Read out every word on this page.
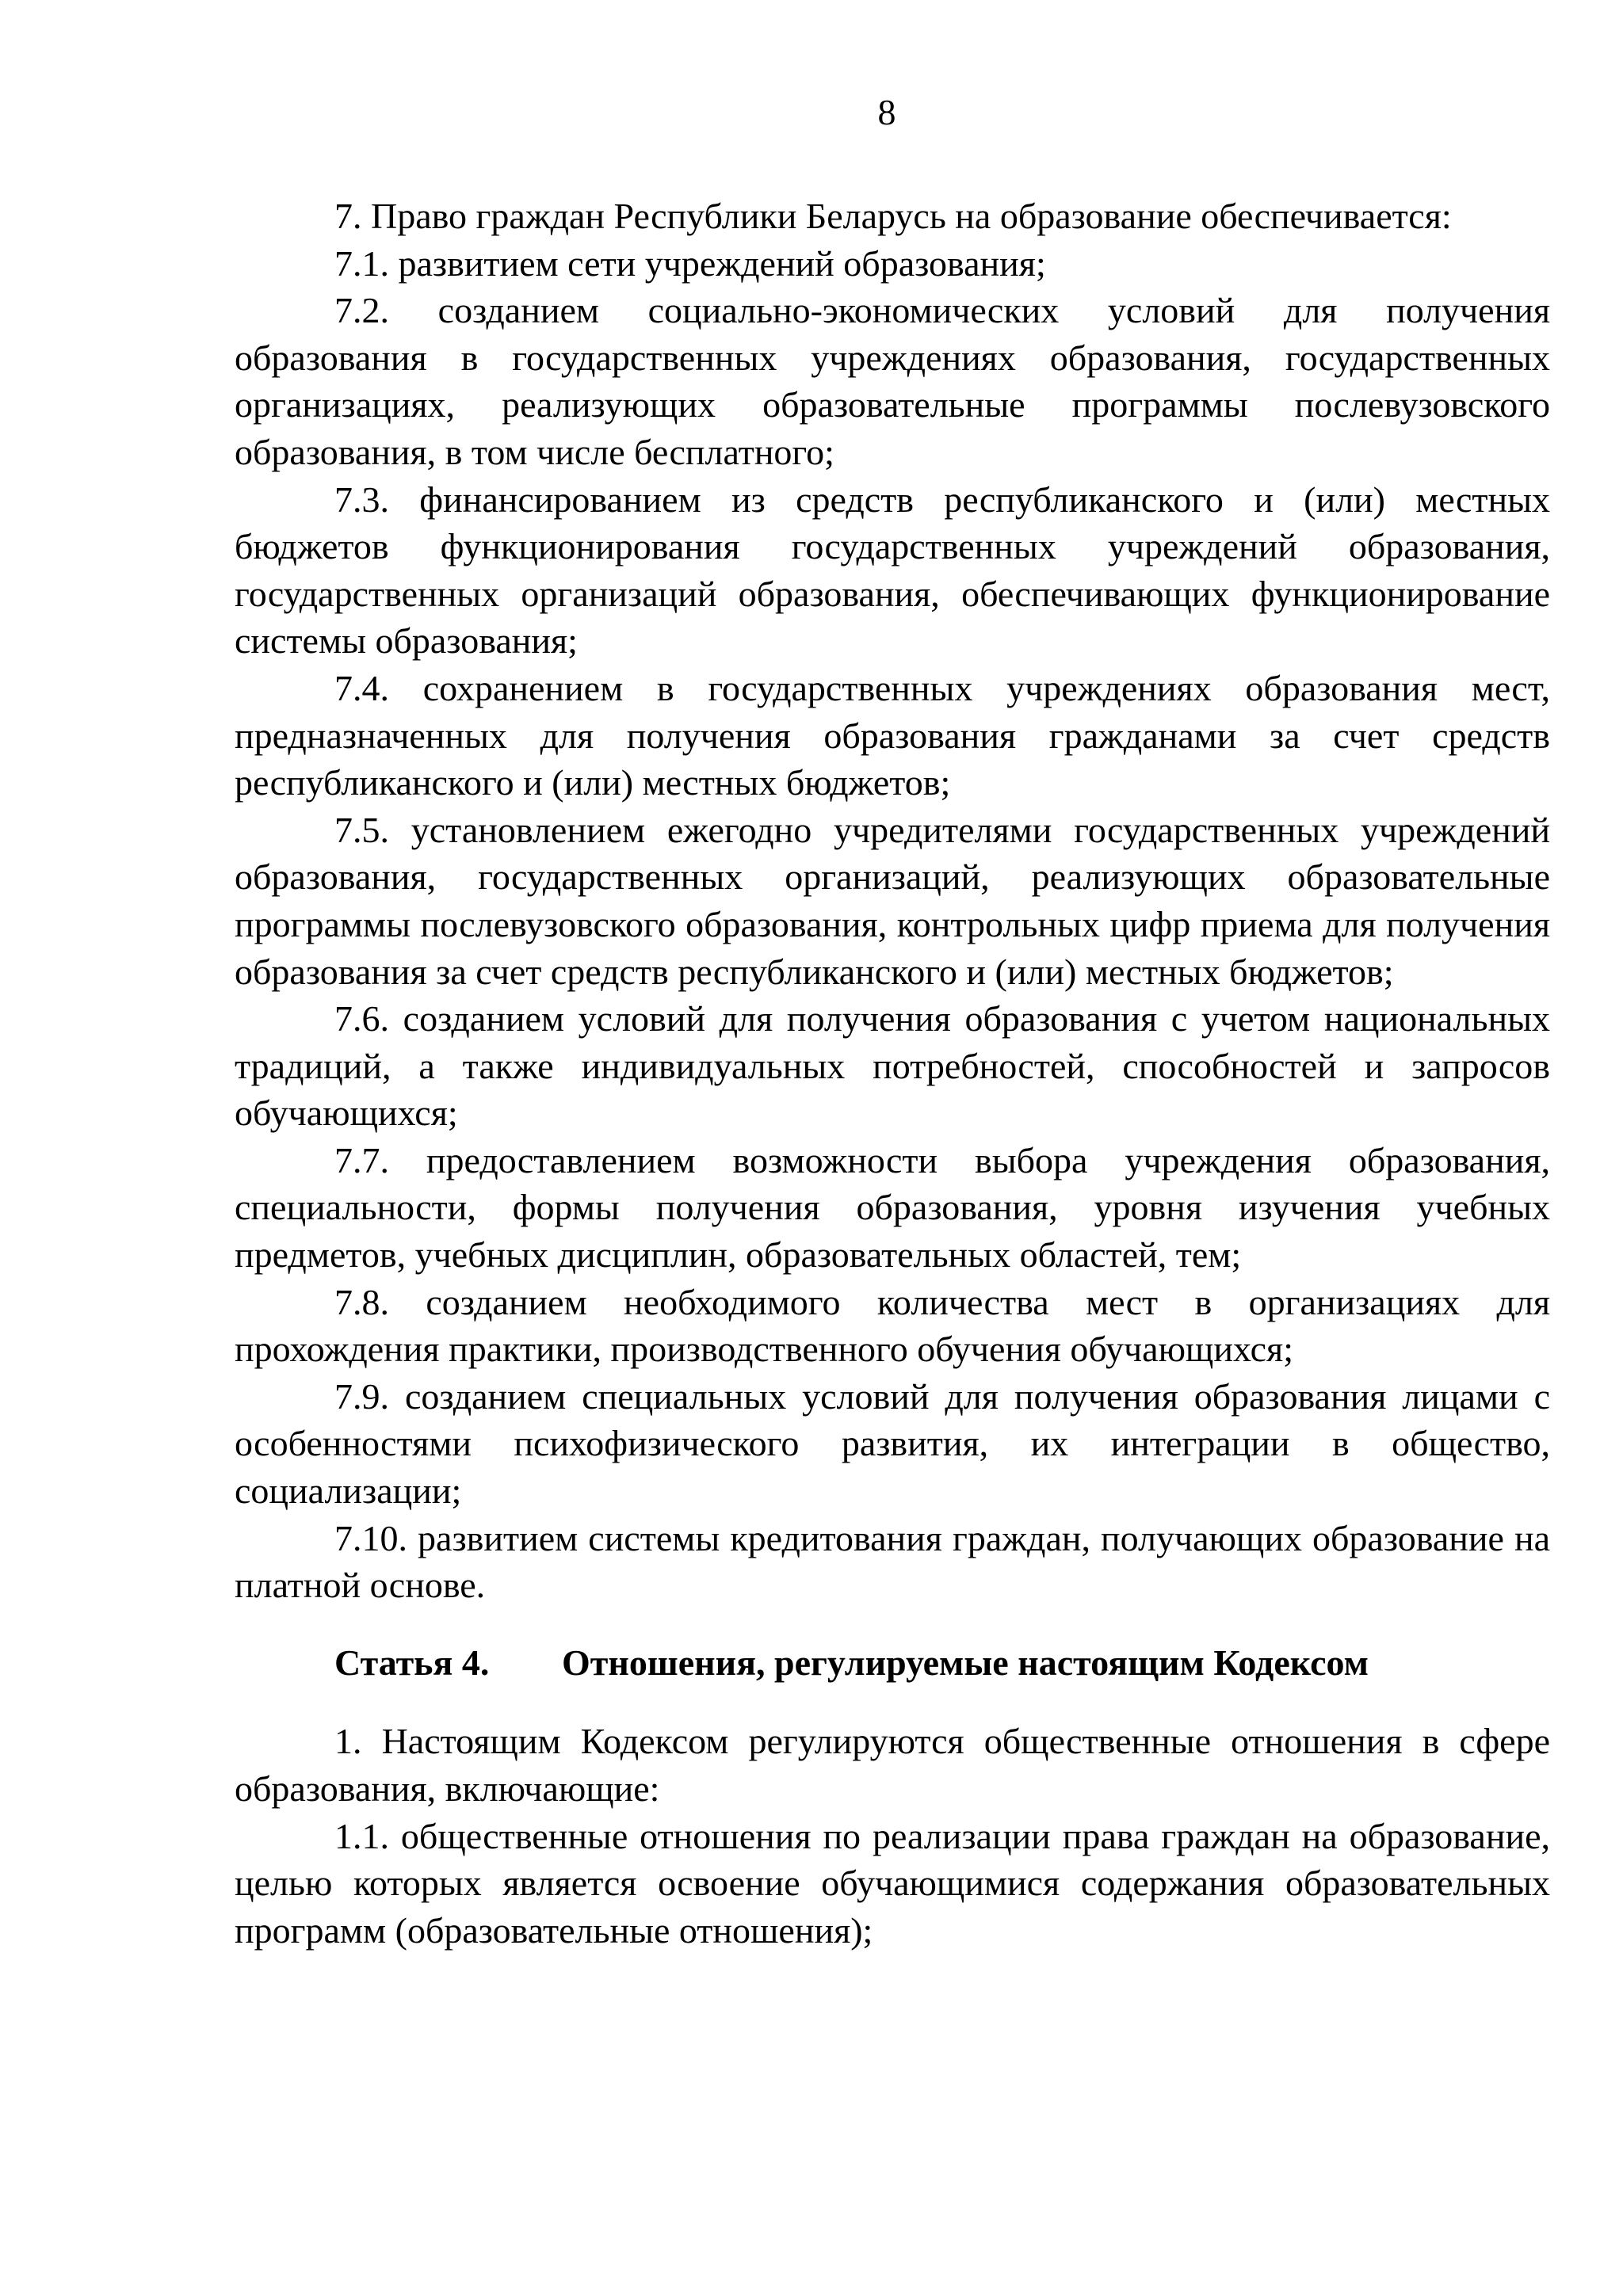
8

7. Право граждан Республики Беларусь на образование обеспечивается:

7.1. развитием сети учреждений образования;

7.2. созданием социально-экономических условий для получения образования в государственных учреждениях образования, государственных организациях, реализующих образовательные программы послевузовского образования, в том числе бесплатного;

7.3. финансированием из средств республиканского и (или) местных бюджетов функционирования государственных учреждений образования, государственных организаций образования, обеспечивающих функционирование системы образования;

7.4. сохранением в государственных учреждениях образования мест, предназначенных для получения образования гражданами за счет средств республиканского и (или) местных бюджетов;

7.5. установлением ежегодно учредителями государственных учреждений образования, государственных организаций, реализующих образовательные программы послевузовского образования, контрольных цифр приема для получения образования за счет средств республиканского и (или) местных бюджетов;

7.6. созданием условий для получения образования с учетом национальных традиций, а также индивидуальных потребностей, способностей и запросов обучающихся;

7.7. предоставлением возможности выбора учреждения образования, специальности, формы получения образования, уровня изучения учебных предметов, учебных дисциплин, образовательных областей, тем;

7.8. созданием необходимого количества мест в организациях для прохождения практики, производственного обучения обучающихся;

7.9. созданием специальных условий для получения образования лицами с особенностями психофизического развития, их интеграции в общество, социализации;

7.10. развитием системы кредитования граждан, получающих образование на платной основе.

Статья 4. Отношения, регулируемые настоящим Кодексом

1. Настоящим Кодексом регулируются общественные отношения в сфере образования, включающие:

1.1. общественные отношения по реализации права граждан на образование, целью которых является освоение обучающимися содержания образовательных программ (образовательные отношения);
